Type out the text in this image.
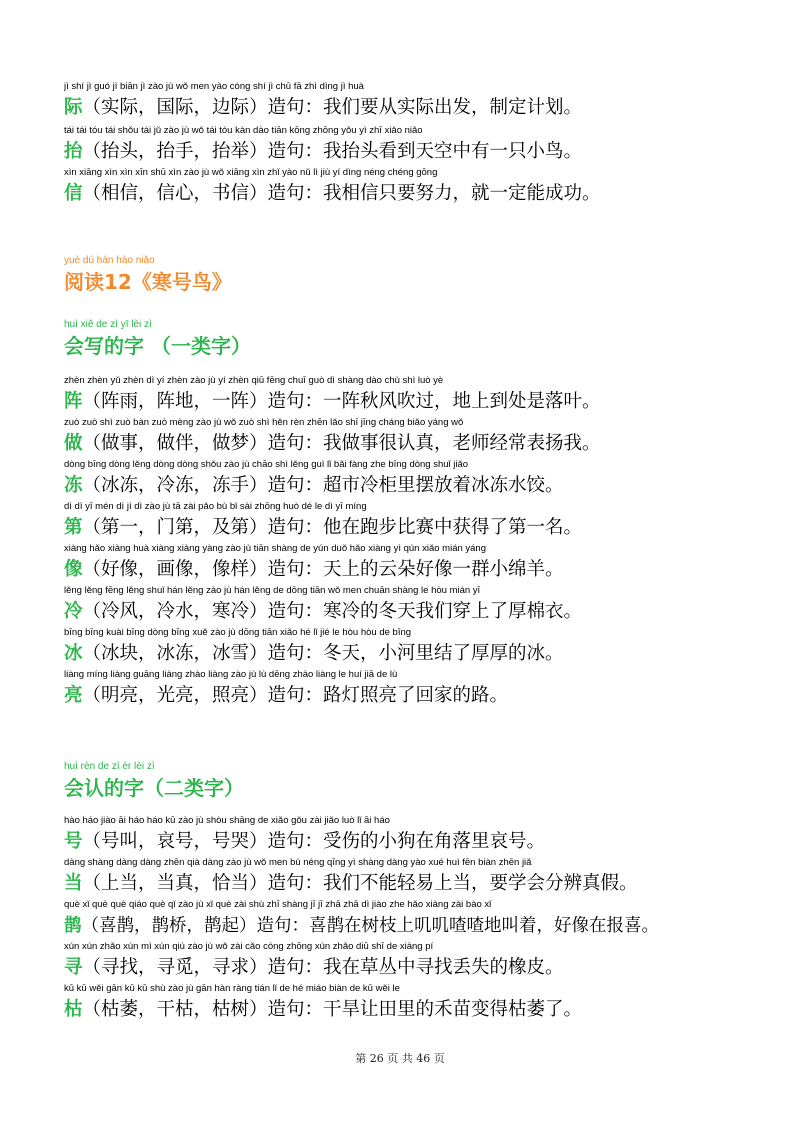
jì shí jì guó jì biān jì zào jù wǒ men yào cóng shí jì chū fā zhì dìng jì huà
际（实际，国际，边际）造句：我们要从实际出发，制定计划。
tái tái tóu tái shǒu tái jǔ zào jù wǒ tái tóu kàn dào tiān kōng zhōng yǒu yì zhī xiǎo niǎo
抬（抬头，抬手，抬举）造句：我抬头看到天空中有一只小鸟。
xìn xiāng xìn xìn xīn shū xìn zào jù wǒ xiāng xìn zhǐ yào nǔ lì jiù yí dìng néng chéng gōng
信（相信，信心，书信）造句：我相信只要努力，就一定能成功。
yuè dú hán hào niǎo
阅读12《寒号鸟》
huì xiě de zì yī lèi zì
会写的字 （一类字）
zhèn zhèn yǔ zhèn dì yí zhèn zào jù yí zhèn qiū fēng chuī guò dì shàng dào chù shì luò yè
阵（阵雨，阵地，一阵）造句：一阵秋风吹过，地上到处是落叶。
zuò zuò shì zuò bàn zuò mèng zào jù wǒ zuò shì hěn rèn zhēn lǎo shī jīng cháng biǎo yáng wǒ
做（做事，做伴，做梦）造句：我做事很认真，老师经常表扬我。
dòng bīng dòng lěng dòng dòng shǒu zào jù chāo shì lěng guì lǐ bǎi fàng zhe bīng dòng shuǐ jiǎo
冻（冰冻，冷冻，冻手）造句：超市冷柜里摆放着冰冻水饺。
dì dì yī mén dì jí dì zào jù tā zài pǎo bù bǐ sài zhōng huò dé le dì yī míng
第（第一，门第，及第）造句：他在跑步比赛中获得了第一名。
xiàng hǎo xiàng huà xiàng xiàng yàng zào jù tiān shàng de yún duǒ hǎo xiàng yì qún xiǎo mián yáng
像（好像，画像，像样）造句：天上的云朵好像一群小绵羊。
lěng lěng fēng lěng shuǐ hán lěng zào jù hán lěng de dōng tiān wǒ men chuān shàng le hòu mián yī
冷（冷风，冷水，寒冷）造句：寒冷的冬天我们穿上了厚棉衣。
bīng bīng kuài bīng dòng bīng xuě zào jù dōng tiān xiǎo hé lǐ jié le hòu hòu de bīng
冰（冰块，冰冻，冰雪）造句：冬天，小河里结了厚厚的冰。
liàng míng liàng guāng liàng zhào liàng zào jù lù dēng zhào liàng le huí jiā de lù
亮（明亮，光亮，照亮）造句：路灯照亮了回家的路。
huì rèn de zì èr lèi zì
会认的字（二类字）
hào háo jiào āi háo háo kū zào jù shòu shāng de xiǎo gǒu zài jiǎo luò lǐ āi háo
号（号叫，哀号，号哭）造句：受伤的小狗在角落里哀号。
dàng shàng dàng dàng zhēn qià dàng zào jù wǒ men bù néng qīng yì shàng dàng yào xué huì fēn biàn zhēn jiǎ
当（上当，当真，恰当）造句：我们不能轻易上当，要学会分辨真假。
què xǐ què què qiáo què qǐ zào jù xǐ què zài shù zhī shàng jī jī zhā zhā dì jiào zhe hǎo xiàng zài bào xǐ
鹊（喜鹊，鹊桥，鹊起）造句：喜鹊在树枝上叽叽喳喳地叫着，好像在报喜。
xún xún zhǎo xún mì xún qiú zào jù wǒ zài cǎo cóng zhōng xún zhǎo diū shī de xiàng pí
寻（寻找，寻觅，寻求）造句：我在草丛中寻找丢失的橡皮。
kū kū wěi gān kū kū shù zào jù gān hàn ràng tián lǐ de hé miáo biàn de kū wěi le
枯（枯萎，干枯，枯树）造句：干旱让田里的禾苗变得枯萎了。
第 26 页 共 46 页
